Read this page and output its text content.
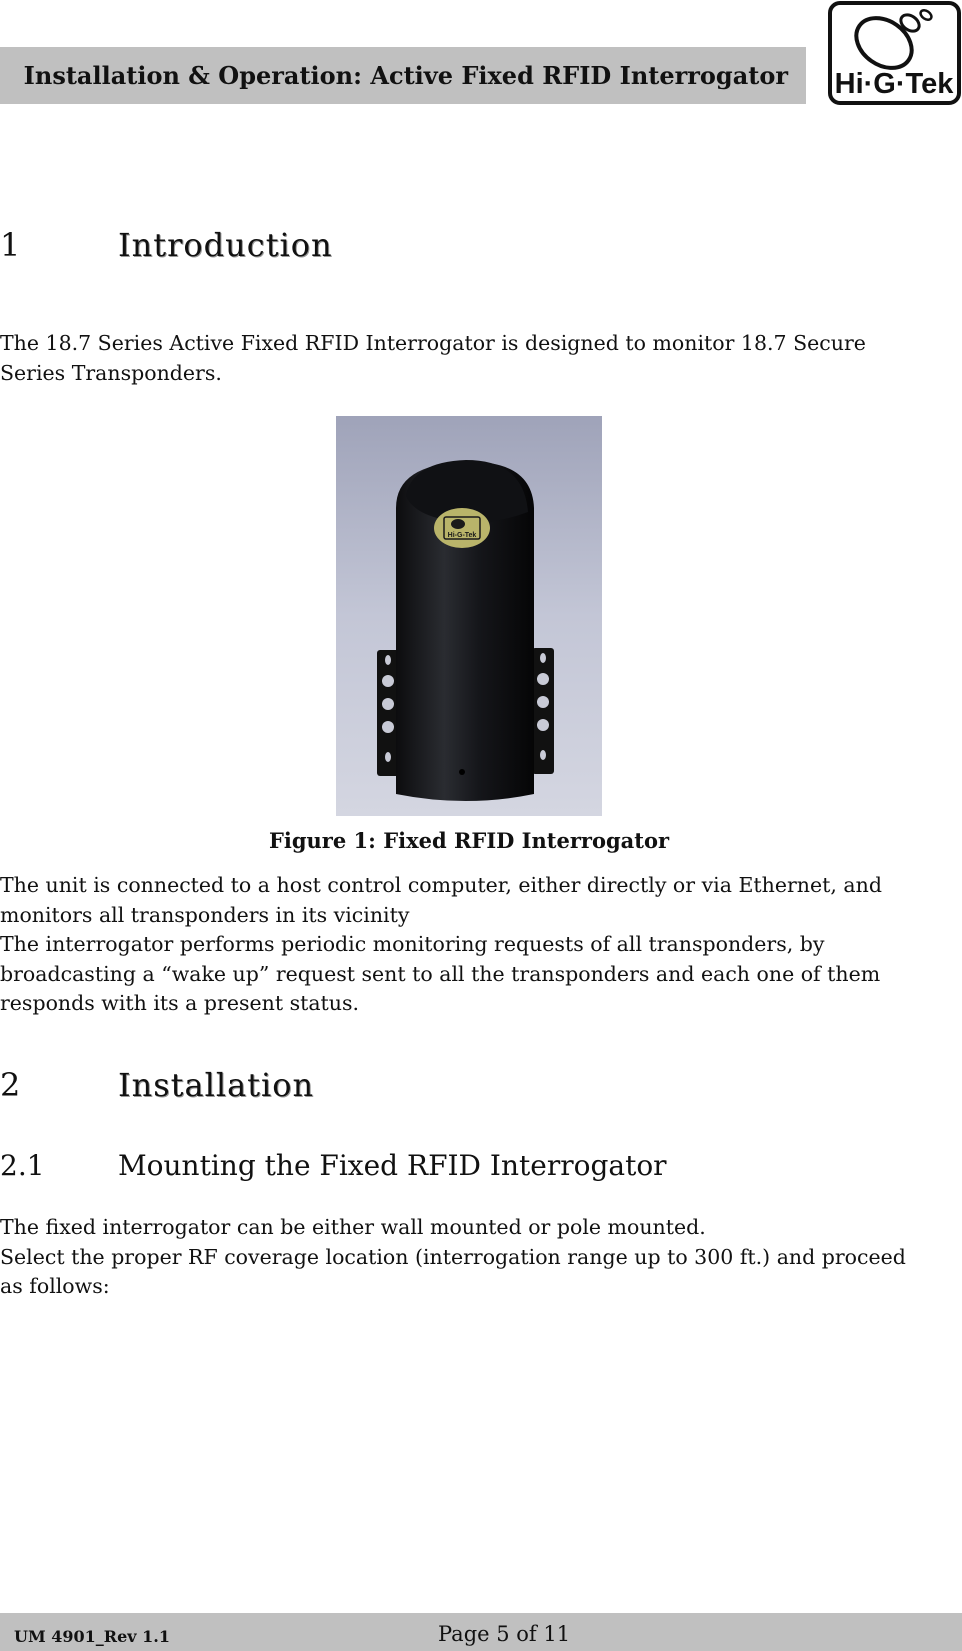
Installation & Operation: Active Fixed RFID Interrogator Hi·G·Tek
1	Introduction
The 18.7 Series Active Fixed RFID Interrogator is designed to monitor 18.7 Secure
Series Transponders.
Hi-G-Tek
Figure 1: Fixed RFID Interrogator
The unit is connected to a host control computer, either directly or via Ethernet, and
monitors all transponders in its vicinity
The interrogator performs periodic monitoring requests of all transponders, by
broadcasting a “wake up” request sent to all the transponders and each one of them
responds with its a present status.
2	Installation
2.1	Mounting the Fixed RFID Interrogator
The fixed interrogator can be either wall mounted or pole mounted.
Select the proper RF coverage location (interrogation range up to 300 ft.) and proceed
as follows:
UM 4901_Rev 1.1	Page 5 of 11
